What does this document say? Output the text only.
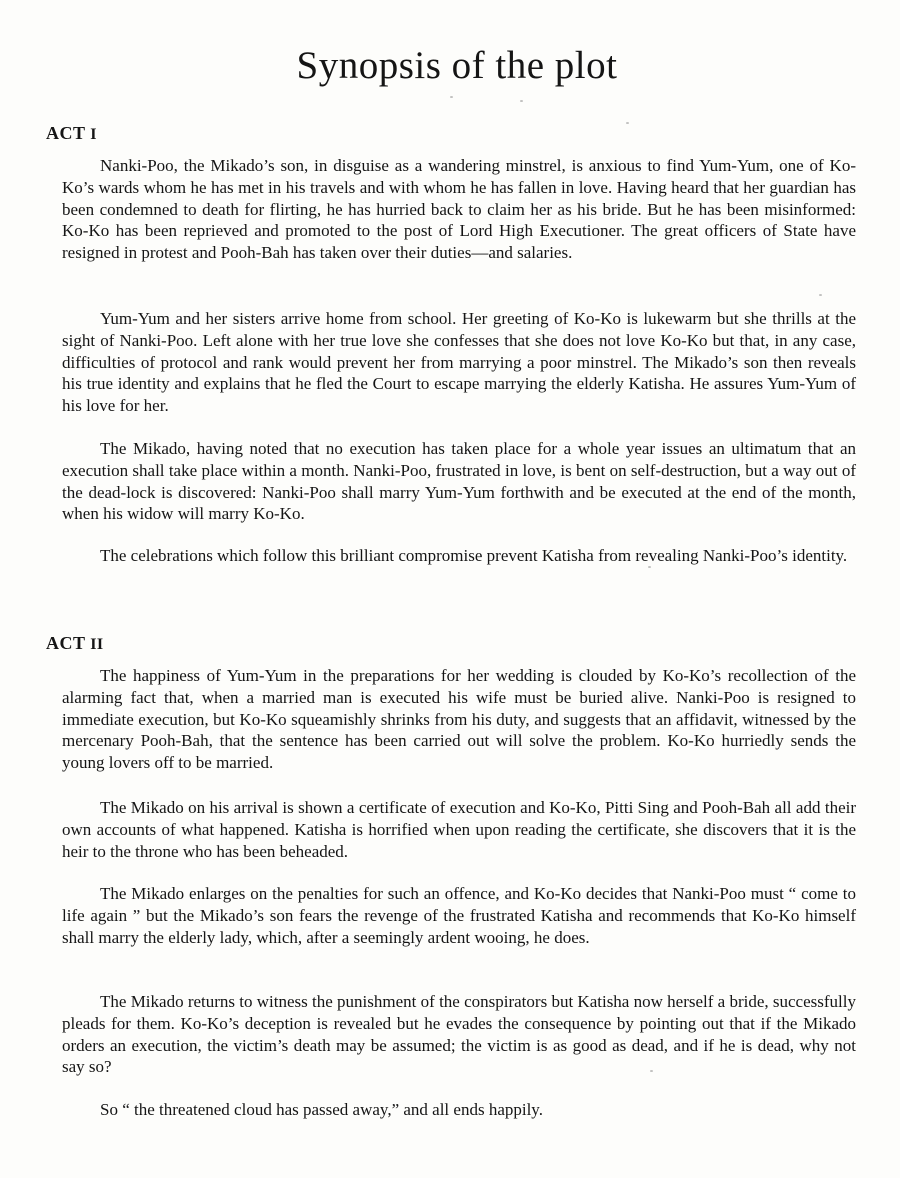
Synopsis of the plot
ACT I

Nanki-Poo, the Mikado’s son, in disguise as a wandering minstrel, is anxious to find Yum-Yum, one of Ko-Ko’s wards whom he has met in his travels and with whom he has fallen in love. Having heard that her guardian has been condemned to death for flirting, he has hurried back to claim her as his bride. But he has been misinformed: Ko-Ko has been reprieved and promoted to the post of Lord High Executioner. The great officers of State have resigned in protest and Pooh-Bah has taken over their duties—and salaries.

Yum-Yum and her sisters arrive home from school. Her greeting of Ko-Ko is lukewarm but she thrills at the sight of Nanki-Poo. Left alone with her true love she confesses that she does not love Ko-Ko but that, in any case, difficulties of protocol and rank would prevent her from marrying a poor minstrel. The Mikado’s son then reveals his true identity and explains that he fled the Court to escape marrying the elderly Katisha. He assures Yum-Yum of his love for her.

The Mikado, having noted that no execution has taken place for a whole year issues an ultimatum that an execution shall take place within a month. Nanki-Poo, frustrated in love, is bent on self-destruction, but a way out of the dead-lock is discovered: Nanki-Poo shall marry Yum-Yum forthwith and be executed at the end of the month, when his widow will marry Ko-Ko.

The celebrations which follow this brilliant compromise prevent Katisha from revealing Nanki-Poo’s identity.

ACT II

The happiness of Yum-Yum in the preparations for her wedding is clouded by Ko-Ko’s recollection of the alarming fact that, when a married man is executed his wife must be buried alive. Nanki-Poo is resigned to immediate execution, but Ko-Ko squeamishly shrinks from his duty, and suggests that an affidavit, witnessed by the mercenary Pooh-Bah, that the sentence has been carried out will solve the problem. Ko-Ko hurriedly sends the young lovers off to be married.

The Mikado on his arrival is shown a certificate of execution and Ko-Ko, Pitti Sing and Pooh-Bah all add their own accounts of what happened. Katisha is horrified when upon reading the certificate, she discovers that it is the heir to the throne who has been beheaded.

The Mikado enlarges on the penalties for such an offence, and Ko-Ko decides that Nanki-Poo must “ come to life again ” but the Mikado’s son fears the revenge of the frustrated Katisha and recommends that Ko-Ko himself shall marry the elderly lady, which, after a seemingly ardent wooing, he does.

The Mikado returns to witness the punishment of the conspirators but Katisha now herself a bride, successfully pleads for them. Ko-Ko’s deception is revealed but he evades the consequence by pointing out that if the Mikado orders an execution, the victim’s death may be assumed; the victim is as good as dead, and if he is dead, why not say so?

So “ the threatened cloud has passed away,” and all ends happily.
